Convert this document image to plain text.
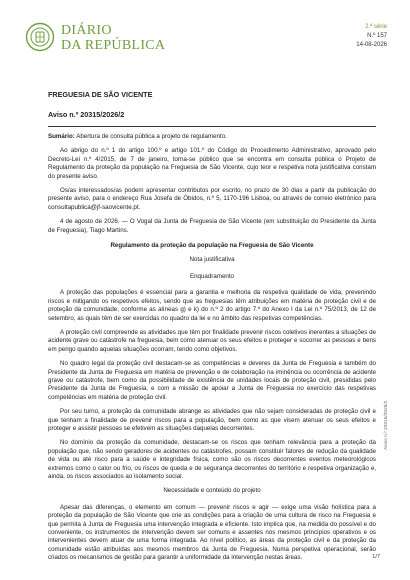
DIÁRIO
DA REPÚBLICA
2.ª série
N.º 157
14-08-2026
FREGUESIA DE SÃO VICENTE
Aviso n.º 20315/2026/2

Sumário: Abertura de consulta pública a projeto de regulamento.

Ao abrigo do n.º 1 do artigo 100.º e artigo 101.º do Código do Procedimento Administrativo, aprovado pelo Decreto-Lei n.º 4/2015, de 7 de janeiro, torna-se público que se encontra em consulta pública o Projeto de Regulamento da proteção da população na Freguesia de São Vicente, cujo teor e respetiva nota justificativa constam do presente aviso.

Os/as interessados/as podem apresentar contributos por escrito, no prazo de 30 dias a partir da publicação do presente aviso, para o endereço Rua Josefa de Óbidos, n.º 5, 1170-196 Lisboa, ou através de correio eletrónico para consultapublica@jf-saovicente.pt.

4 de agosto de 2026. — O Vogal da Junta de Freguesia de São Vicente (em substituição do Presidente da Junta de Freguesia), Tiago Martins.

Regulamento da proteção da população na Freguesia de São Vicente
Nota justificativa
Enquadramento

A proteção das populações é essencial para a garantia e melhoria da respetiva qualidade de vida, prevenindo riscos e mitigando os respetivos efeitos, sendo que as freguesias têm atribuições em matéria de proteção civil e de proteção da comunidade, conforme as alíneas g) e k) do n.º 2 do artigo 7.º do Anexo I da Lei n.º 75/2013, de 12 de setembro, as quais têm de ser exercidas no quadro da lei e no âmbito das respetivas competências.

A proteção civil compreende as atividades que têm por finalidade prevenir riscos coletivos inerentes a situações de acidente grave ou catástrofe na freguesia, bem como atenuar os seus efeitos e proteger e socorrer as pessoas e bens em perigo quando aquelas situações ocorram, tendo como objetivos.

No quadro legal da proteção civil destacam-se as competências e deveres da Junta de Freguesia e também do Presidente da Junta de Freguesia em matéria de prevenção e de colaboração na iminência ou ocorrência de acidente grave ou catástrofe, bem como da possibilidade de existência de unidades locais de proteção civil, presididas pelo Presidente da Junta de Freguesia, e com a missão de apoiar a Junta de Freguesia no exercício das respetivas competências em matéria de proteção civil.

Por seu turno, a proteção da comunidade abrange as atividades que não sejam consideradas de proteção civil e que tenham a finalidade de prevenir riscos para a população, bem como as que visem atenuar os seus efeitos e proteger e assistir pessoas se efetivem as situações daquelas decorrentes.

No domínio da proteção da comunidade, destacam-se os riscos que tenham relevância para a proteção da população que, não sendo geradores de acidentes ou catástrofes, possam constituir fatores de redução da qualidade de vida ou até risco para a saúde e integridade física, como são os riscos decorrentes eventos meteorológicos extremos como o calor ou frio, os riscos de queda e de segurança decorrentes do território e respetiva organização e, ainda, os riscos associados ao isolamento social.

Necessidade e conteúdo do projeto

Apesar das diferenças, o elemento em comum — prevenir riscos e agir — exige uma visão holística para a proteção da população de São Vicente que crie as condições para a criação de uma cultura de risco na Freguesia e que permita à Junta de Freguesia uma intervenção integrada e eficiente. Isto implica que, na medida do possível e do conveniente, os instrumentos de intervenção devem ser comuns e assentes nos mesmos princípios operativos e os intervenientes devem atuar de uma forma integrada. Ao nível político, as áreas da proteção civil e da proteção da comunidade estão atribuídas aos mesmos membros da Junta de Freguesia. Numa perspetiva operacional, serão criados os mecanismos de gestão para garantir a uniformidade da intervenção nestas áreas.

Aviso n.º 20315/2026/2
1/7
